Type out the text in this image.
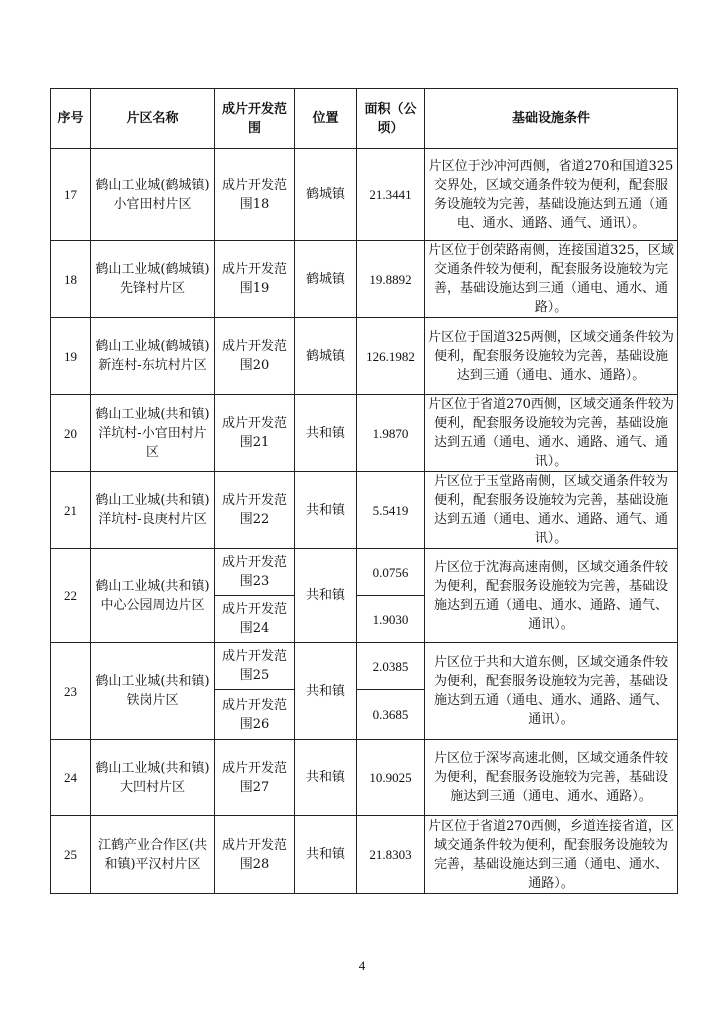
序号	片区名称	成片开发范围	位置	面积（公顷）	基础设施条件
17	鹤山工业城(鹤城镇)小官田村片区	成片开发范围18	鹤城镇	21.3441	片区位于沙冲河西侧，省道270和国道325交界处，区域交通条件较为便利，配套服务设施较为完善，基础设施达到五通（通电、通水、通路、通气、通讯）。
18	鹤山工业城(鹤城镇) 先锋村片区	成片开发范围19	鹤城镇	19.8892	片区位于创荣路南侧，连接国道325，区域交通条件较为便利，配套服务设施较为完善，基础设施达到三通（通电、通水、通路）。
19	鹤山工业城(鹤城镇) 新连村-东坑村片区	成片开发范围20	鹤城镇	126.1982	片区位于国道325两侧，区域交通条件较为便利，配套服务设施较为完善，基础设施达到三通（通电、通水、通路）。
20	鹤山工业城(共和镇) 洋坑村-小官田村片区	成片开发范围21	共和镇	1.9870	片区位于省道270西侧，区域交通条件较为便利，配套服务设施较为完善，基础设施达到五通（通电、通水、通路、通气、通讯）。
21	鹤山工业城(共和镇) 洋坑村-良庚村片区	成片开发范围22	共和镇	5.5419	片区位于玉堂路南侧，区域交通条件较为便利，配套服务设施较为完善，基础设施达到五通（通电、通水、通路、通气、通讯）。
22	鹤山工业城(共和镇) 中心公园周边片区	成片开发范围23	共和镇	0.0756	片区位于沈海高速南侧，区域交通条件较为便利，配套服务设施较为完善，基础设施达到五通（通电、通水、通路、通气、通讯）。
		成片开发范围24		1.9030	
23	鹤山工业城(共和镇) 铁岗片区	成片开发范围25	共和镇	2.0385	片区位于共和大道东侧，区域交通条件较为便利，配套服务设施较为完善，基础设施达到五通（通电、通水、通路、通气、通讯）。
		成片开发范围26		0.3685	
24	鹤山工业城(共和镇) 大凹村片区	成片开发范围27	共和镇	10.9025	片区位于深岑高速北侧，区域交通条件较为便利，配套服务设施较为完善，基础设施达到三通（通电、通水、通路）。
25	江鹤产业合作区(共和镇)平汉村片区	成片开发范围28	共和镇	21.8303	片区位于省道270西侧，乡道连接省道，区域交通条件较为便利，配套服务设施较为完善，基础设施达到三通（通电、通水、通路）。
4
